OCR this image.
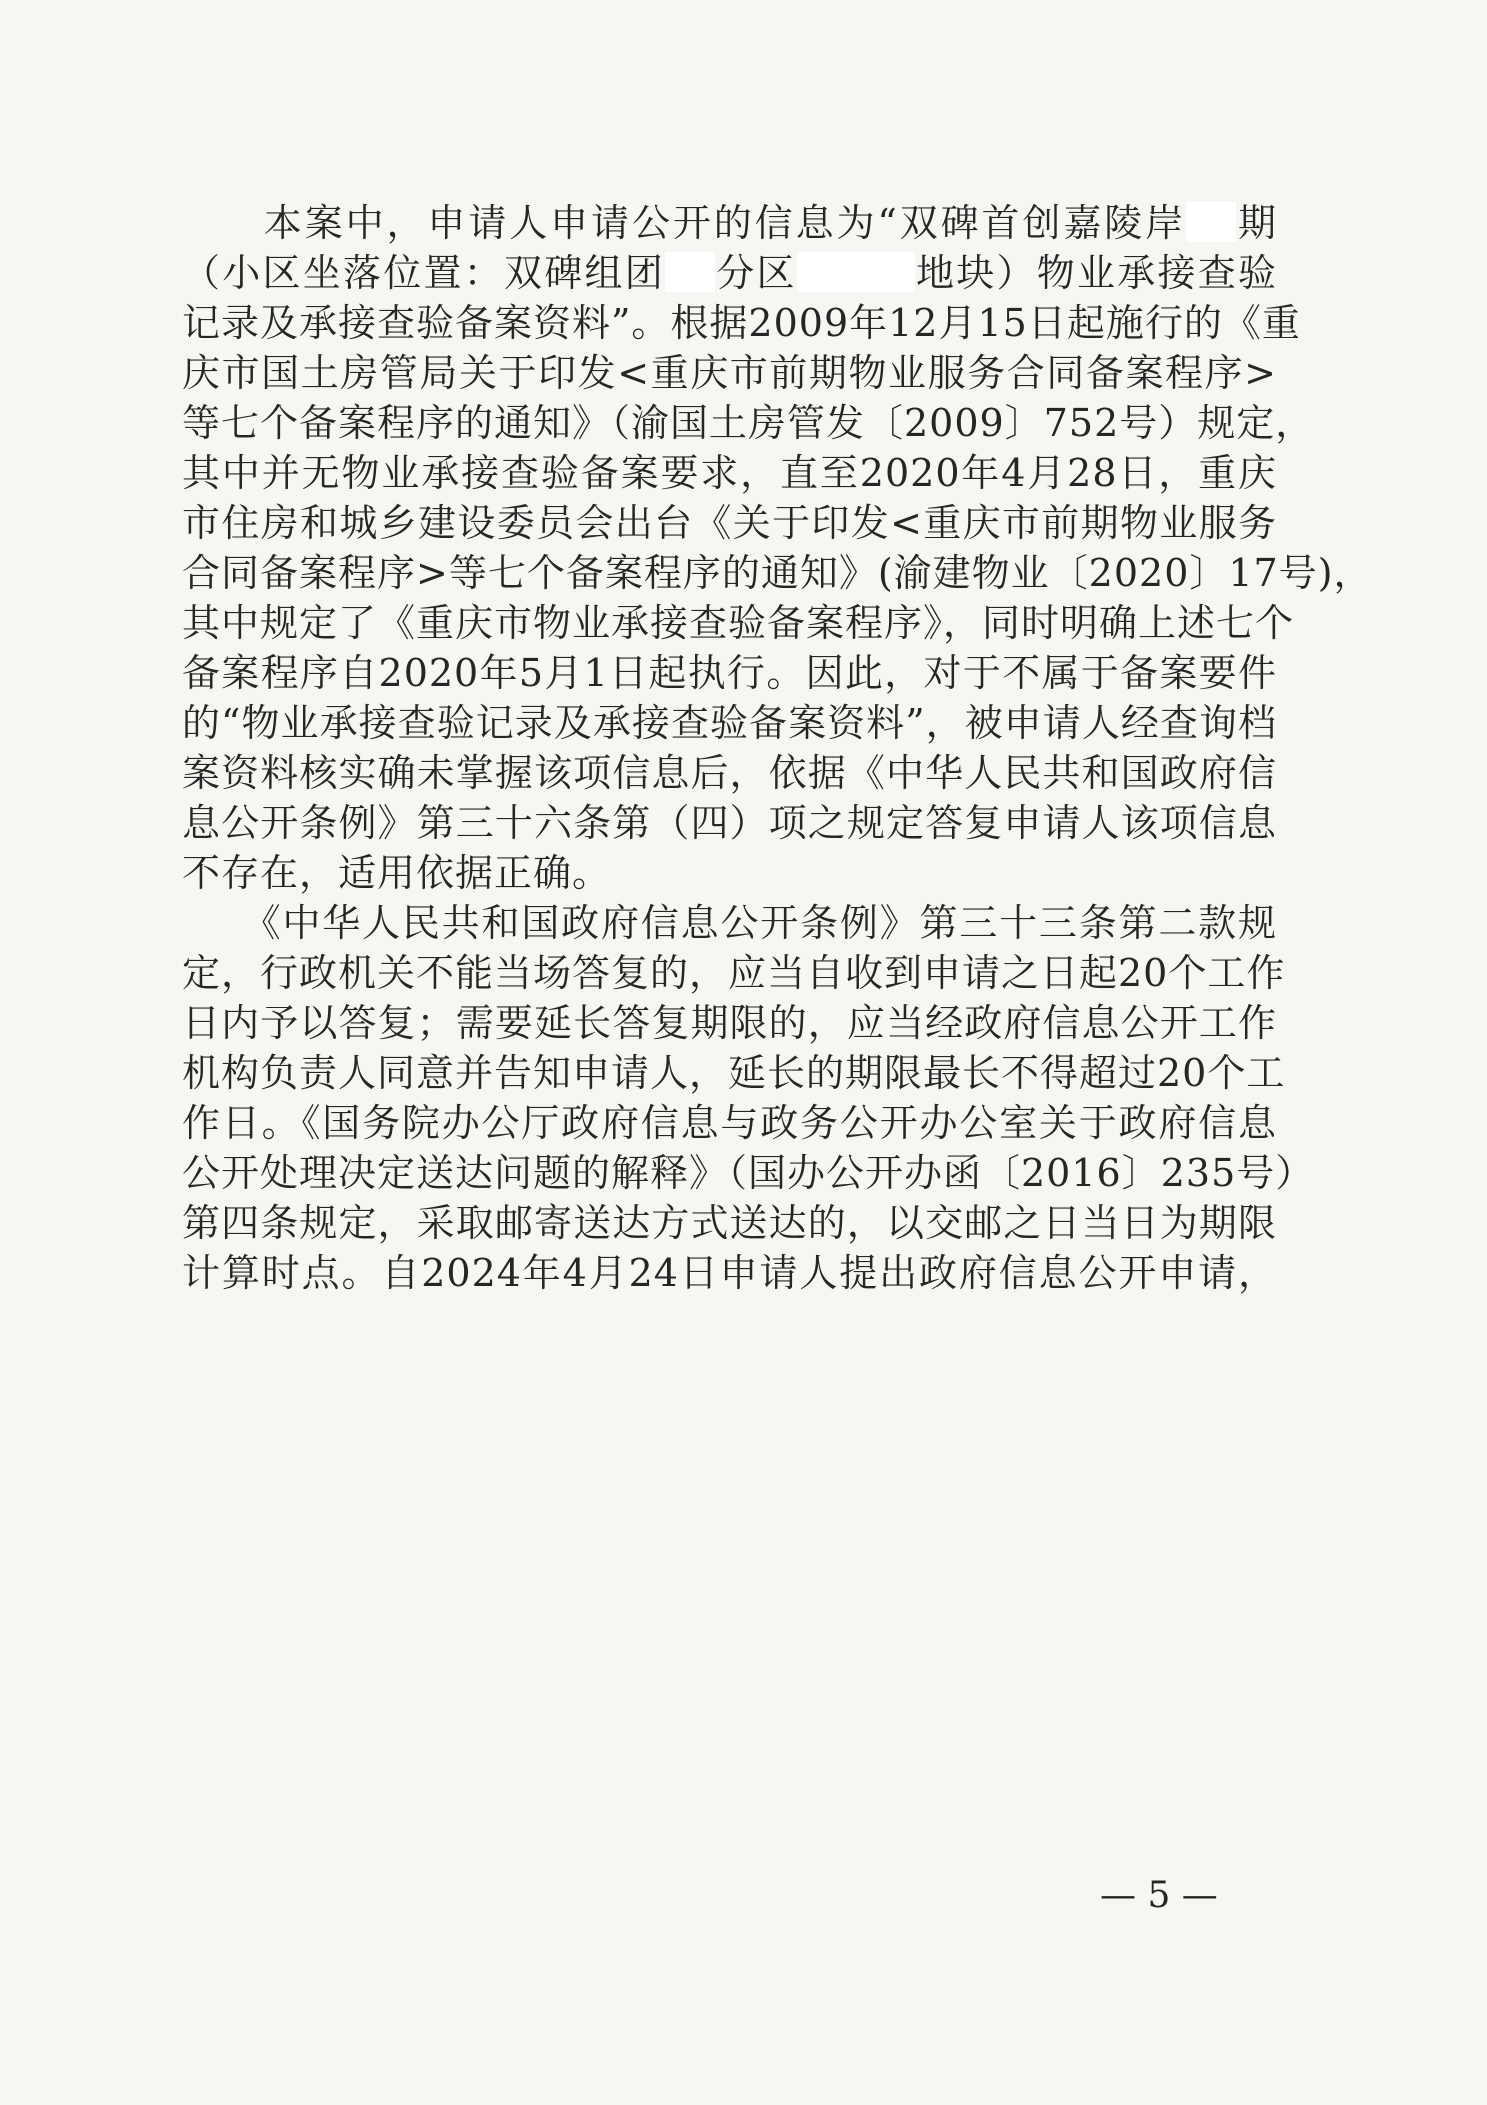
　　本案中，申请人申请公开的信息为“双碑首创嘉陵岸 期
（小区坐落位置：双碑组团 分区	地块）物业承接查验
记录及承接查验备案资料”。根据2009年12月15日起施行的《重
庆市国土房管局关于印发<重庆市前期物业服务合同备案程序>
等七个备案程序的通知》（渝国土房管发〔2009〕752号）规定，
其中并无物业承接查验备案要求，直至2020年4月28日，重庆
市住房和城乡建设委员会出台《关于印发<重庆市前期物业服务
合同备案程序>等七个备案程序的通知》(渝建物业〔2020〕17号)，
其中规定了《重庆市物业承接查验备案程序》，同时明确上述七个
备案程序自2020年5月1日起执行。因此，对于不属于备案要件
的“物业承接查验记录及承接查验备案资料”，被申请人经查询档
案资料核实确未掌握该项信息后，依据《中华人民共和国政府信
息公开条例》第三十六条第（四）项之规定答复申请人该项信息
不存在，适用依据正确。
　　《中华人民共和国政府信息公开条例》第三十三条第二款规
定，行政机关不能当场答复的，应当自收到申请之日起20个工作
日内予以答复；需要延长答复期限的，应当经政府信息公开工作
机构负责人同意并告知申请人，延长的期限最长不得超过20个工
作日。《国务院办公厅政府信息与政务公开办公室关于政府信息
公开处理决定送达问题的解释》（国办公开办函〔2016〕235号）
第四条规定，采取邮寄送达方式送达的，以交邮之日当日为期限
计算时点。自2024年4月24日申请人提出政府信息公开申请，
— 5 —
